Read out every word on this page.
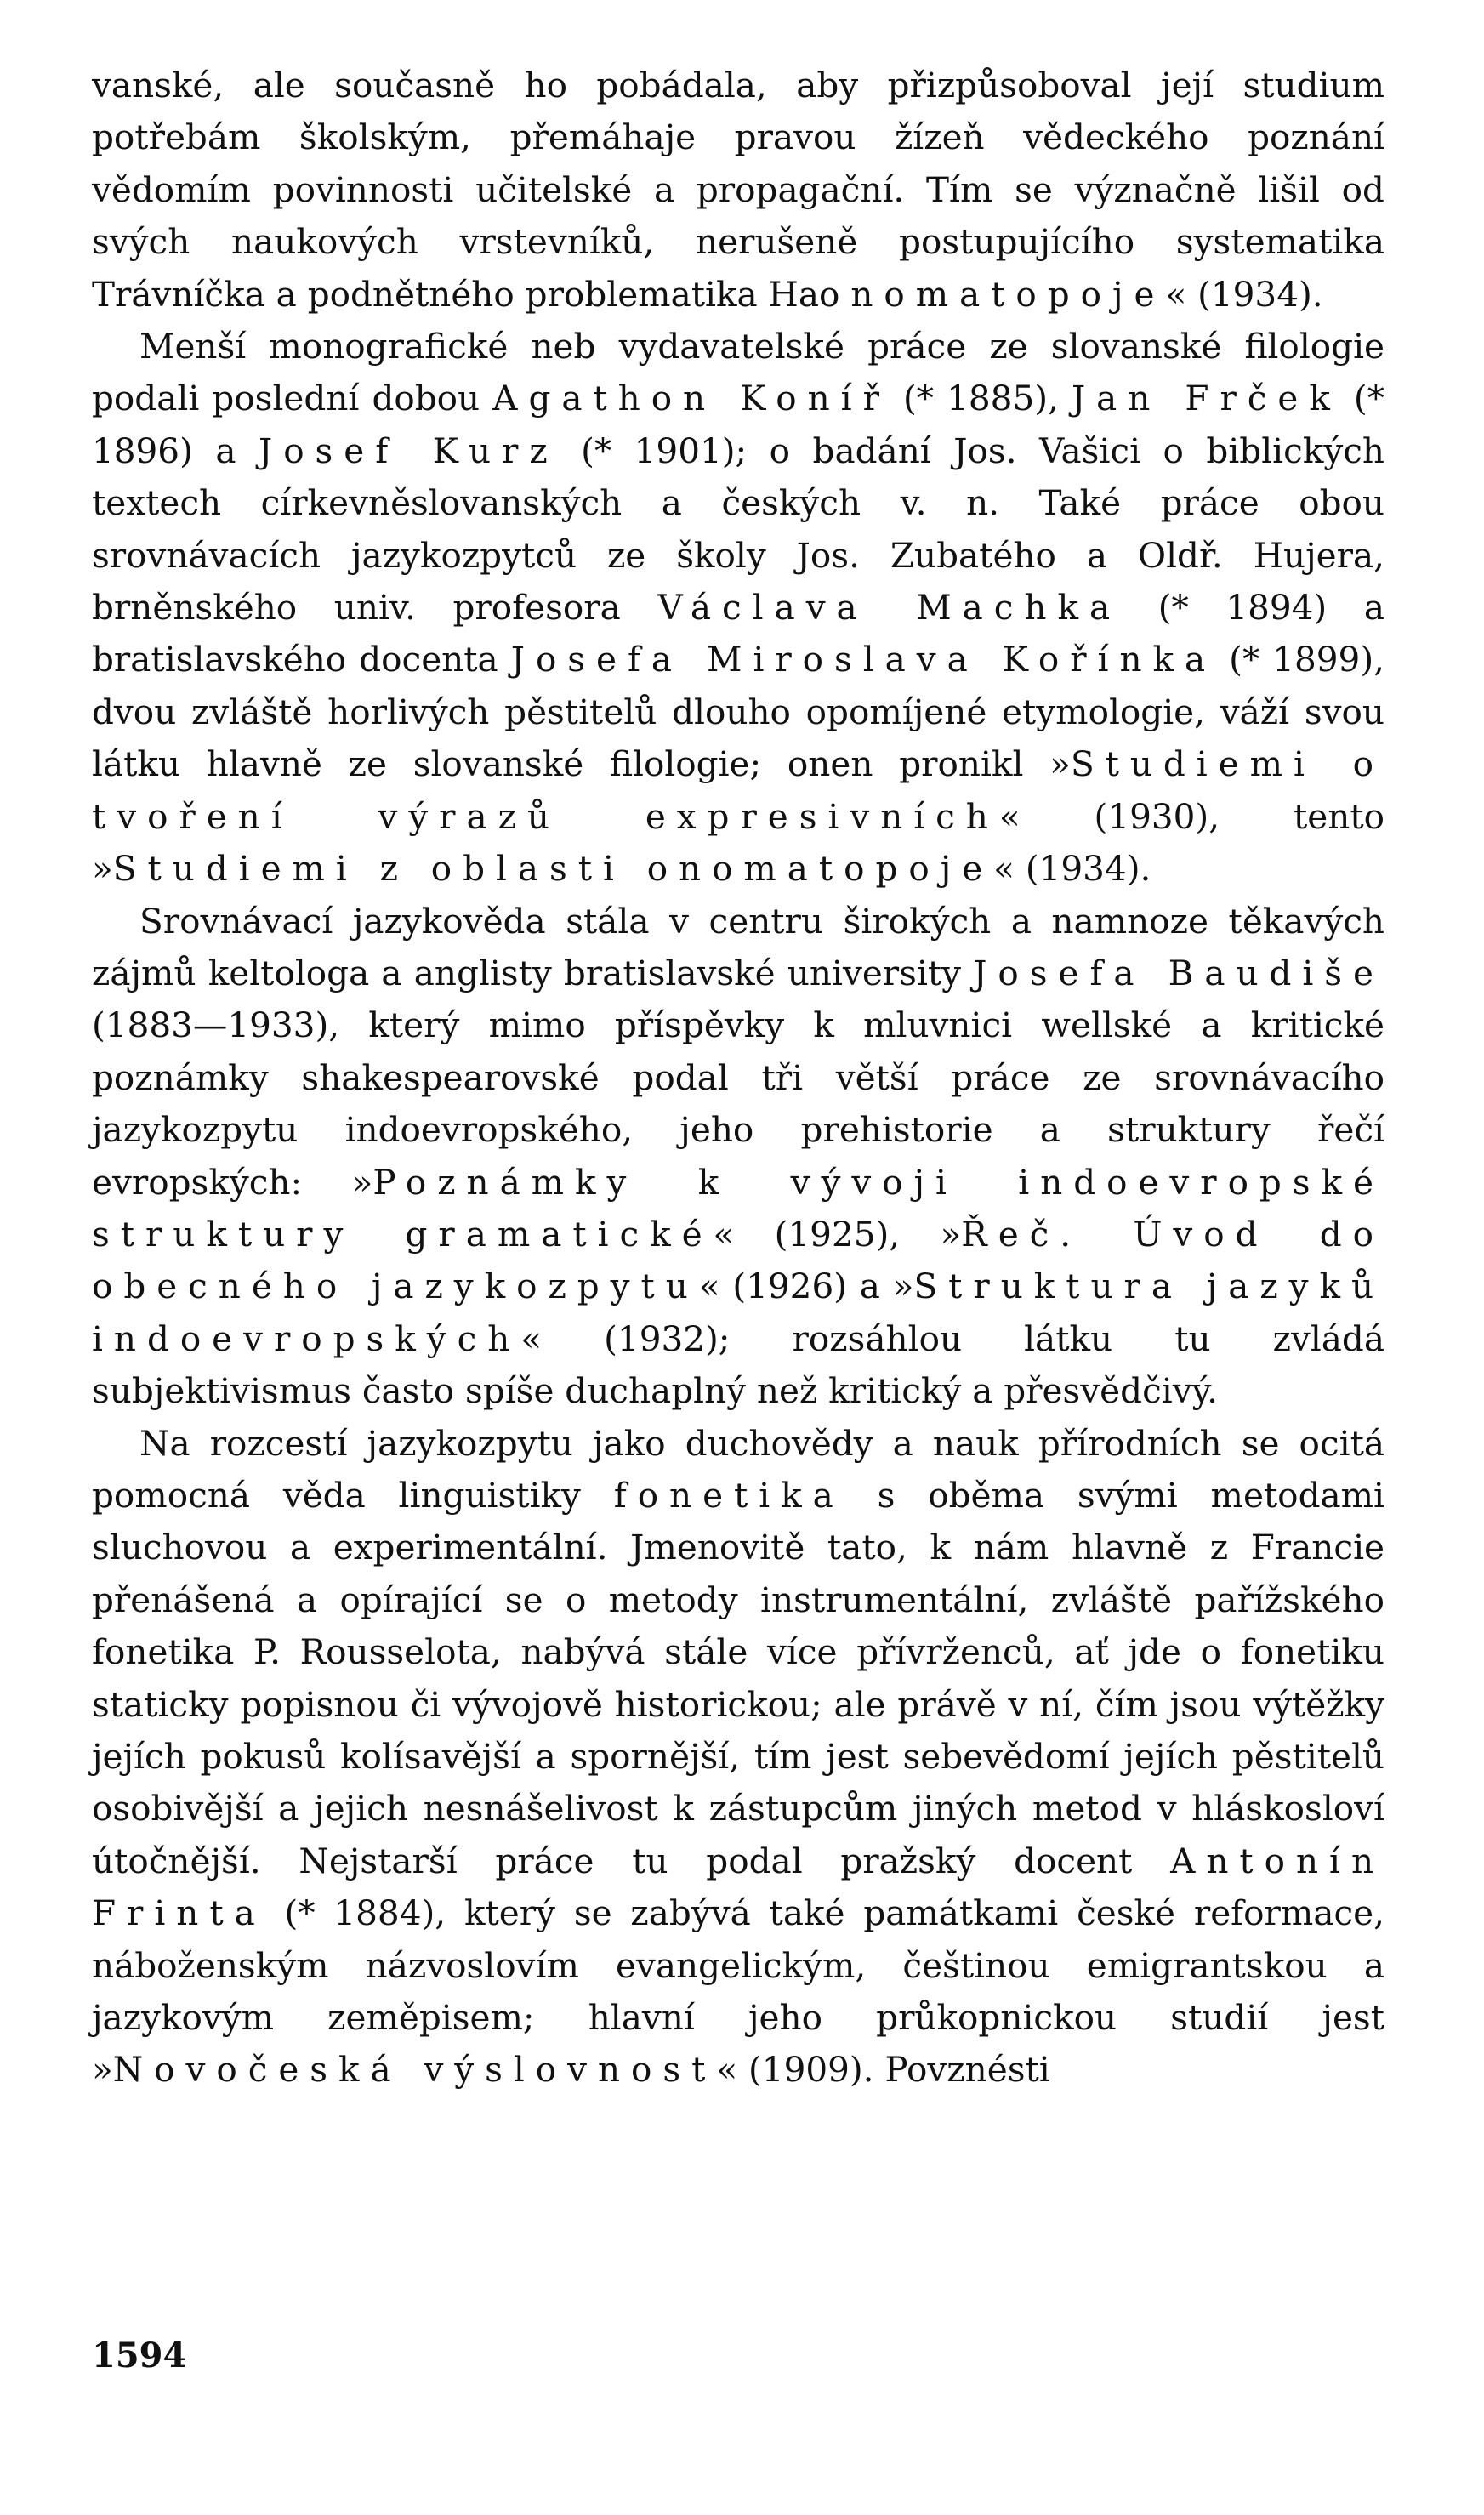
vanské, ale současně ho pobádala, aby přizpůsoboval její studium potřebám školským, přemáhaje pravou žízeň vědeckého poznání vědomím povinnosti učitelské a propagační. Tím se význačně lišil od svých naukových vrstevníků, nerušeně postupujícího systematika Trávníčka a podnětného problematika Haonomatopoje« (1934).

Menší monografické neb vydavatelské práce ze slovanské filologie podali poslední dobou Agathon Koníř (* 1885), Jan Frček (* 1896) a Josef Kurz (* 1901); o badání Jos. Vašici o biblických textech církevněslovanských a českých v. n. Také práce obou srovnávacích jazykozpytců ze školy Jos. Zubatého a Oldř. Hujera, brněnského univ. profesora Václava Machka (* 1894) a bratislavského docenta Josefa Miroslava Kořínka (* 1899), dvou zvláště horlivých pěstitelů dlouho opomíjené etymologie, váží svou látku hlavně ze slovanské filologie; onen pronikl »Studiemi o tvoření výrazů expresivních« (1930), tento »Studiemi z oblasti onomatopoje« (1934).

Srovnávací jazykověda stála v centru širokých a namnoze těkavých zájmů keltologa a anglisty bratislavské university Josefa Baudiše (1883—1933), který mimo příspěvky k mluvnici wellské a kritické poznámky shakespearovské podal tři větší práce ze srovnávacího jazykozpytu indoevropského, jeho prehistorie a struktury řečí evropských: »Poznámky k vývoji indoevropské struktury gramatické« (1925), »Řeč. Úvod do obecného jazykozpytu« (1926) a »Struktura jazyků indoevropských« (1932); rozsáhlou látku tu zvládá subjektivismus často spíše duchaplný než kritický a přesvědčivý.

Na rozcestí jazykozpytu jako duchovědy a nauk přírodních se ocitá pomocná věda linguistiky fonetika s oběma svými metodami sluchovou a experimentální. Jmenovitě tato, k nám hlavně z Francie přenášená a opírající se o metody instrumentální, zvláště pařížského fonetika P. Rousselota, nabývá stále více přívrženců, ať jde o fonetiku staticky popisnou či vývojově historickou; ale právě v ní, čím jsou výtěžky jejích pokusů kolísavější a spornější, tím jest sebevědomí jejích pěstitelů osobivější a jejich nesnášelivost k zástupcům jiných metod v hláskosloví útočnější. Nejstarší práce tu podal pražský docent Antonín Frinta (* 1884), který se zabývá také památkami české reformace, náboženským názvoslovím evangelickým, češtinou emigrantskou a jazykovým zeměpisem; hlavní jeho průkopnickou studií jest »Novočeská výslovnost« (1909). Povznésti

1594
